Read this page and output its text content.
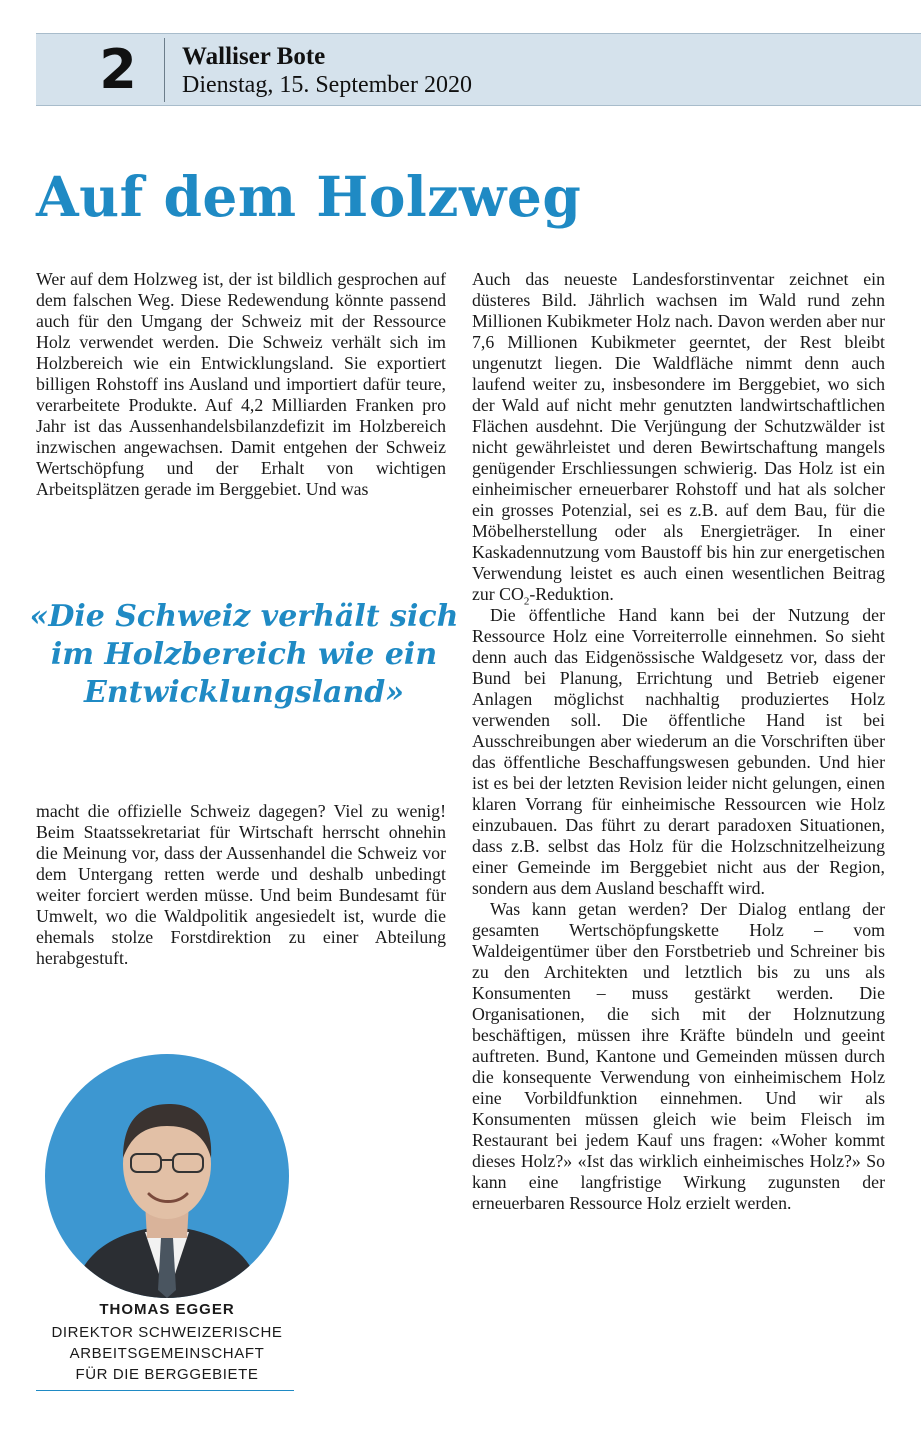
2	Walliser Bote
Dienstag, 15. September 2020
Auf dem Holzweg

Wer auf dem Holzweg ist, der ist bildlich gesprochen auf dem falschen Weg. Diese Redewendung könnte passend auch für den Umgang der Schweiz mit der Ressource Holz verwendet werden. Die Schweiz verhält sich im Holzbereich wie ein Entwicklungsland. Sie exportiert billigen Rohstoff ins Ausland und importiert dafür teure, verarbeitete Produkte. Auf 4,2 Milliarden Franken pro Jahr ist das Aussenhandelsbilanzdefizit im Holzbereich inzwischen angewachsen. Damit entgehen der Schweiz Wertschöpfung und der Erhalt von wichtigen Arbeitsplätzen gerade im Berggebiet. Und was

«Die Schweiz verhält sich im Holzbereich wie ein Entwicklungsland»

macht die offizielle Schweiz dagegen? Viel zu wenig! Beim Staatssekretariat für Wirtschaft herrscht ohnehin die Meinung vor, dass der Aussenhandel die Schweiz vor dem Untergang retten werde und deshalb unbedingt weiter forciert werden müsse. Und beim Bundesamt für Umwelt, wo die Waldpolitik angesiedelt ist, wurde die ehemals stolze Forstdirektion zu einer Abteilung herabgestuft.

Auch das neueste Landesforstinventar zeichnet ein düsteres Bild. Jährlich wachsen im Wald rund zehn Millionen Kubikmeter Holz nach. Davon werden aber nur 7,6 Millionen Kubikmeter geerntet, der Rest bleibt ungenutzt liegen. Die Waldfläche nimmt denn auch laufend weiter zu, insbesondere im Berggebiet, wo sich der Wald auf nicht mehr genutzten landwirtschaftlichen Flächen ausdehnt. Die Verjüngung der Schutzwälder ist nicht gewährleistet und deren Bewirtschaftung mangels genügender Erschliessungen schwierig. Das Holz ist ein einheimischer erneuerbarer Rohstoff und hat als solcher ein grosses Potenzial, sei es z.B. auf dem Bau, für die Möbelherstellung oder als Energieträger. In einer Kaskadennutzung vom Baustoff bis hin zur energetischen Verwendung leistet es auch einen wesentlichen Beitrag zur $CO_2$-Reduktion.

Die öffentliche Hand kann bei der Nutzung der Ressource Holz eine Vorreiterrolle einnehmen. So sieht denn auch das Eidgenössische Waldgesetz vor, dass der Bund bei Planung, Errichtung und Betrieb eigener Anlagen möglichst nachhaltig produziertes Holz verwenden soll. Die öffentliche Hand ist bei Ausschreibungen aber wiederum an die Vorschriften über das öffentliche Beschaffungswesen gebunden. Und hier ist es bei der letzten Revision leider nicht gelungen, einen klaren Vorrang für einheimische Ressourcen wie Holz einzubauen. Das führt zu derart paradoxen Situationen, dass z.B. selbst das Holz für die Holzschnitzelheizung einer Gemeinde im Berggebiet nicht aus der Region, sondern aus dem Ausland beschafft wird.

Was kann getan werden? Der Dialog entlang der gesamten Wertschöpfungskette Holz – vom Waldeigentümer über den Forstbetrieb und Schreiner bis zu den Architekten und letztlich bis zu uns als Konsumenten – muss gestärkt werden. Die Organisationen, die sich mit der Holznutzung beschäftigen, müssen ihre Kräfte bündeln und geeint auftreten. Bund, Kantone und Gemeinden müssen durch die konsequente Verwendung von einheimischem Holz eine Vorbildfunktion einnehmen. Und wir als Konsumenten müssen gleich wie beim Fleisch im Restaurant bei jedem Kauf uns fragen: «Woher kommt dieses Holz?» «Ist das wirklich einheimisches Holz?» So kann eine langfristige Wirkung zugunsten der erneuerbaren Ressource Holz erzielt werden.

THOMAS EGGER
DIREKTOR SCHWEIZERISCHE
ARBEITSGEMEINSCHAFT
FÜR DIE BERGGEBIETE
